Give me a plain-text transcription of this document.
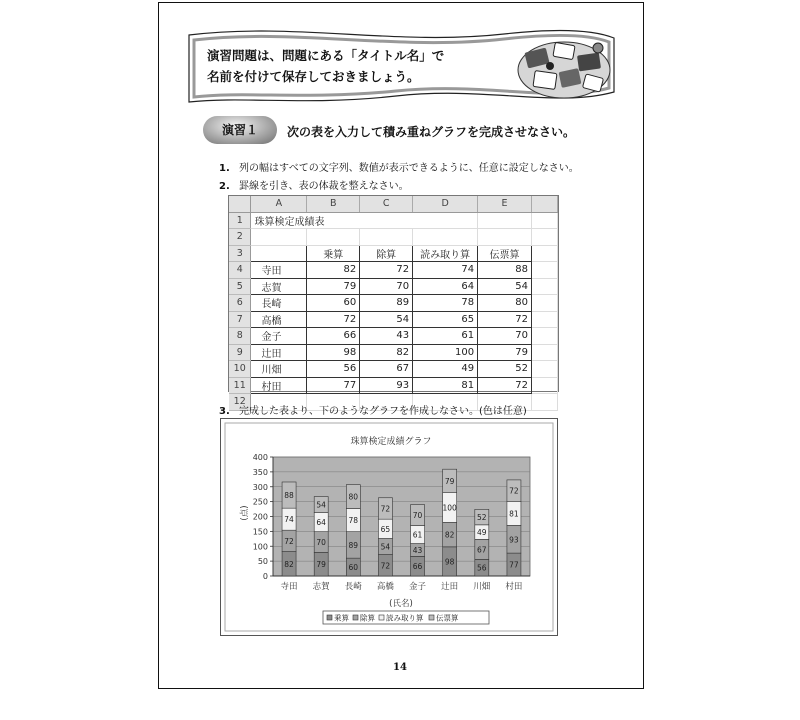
演習問題は、問題にある「タイトル名」で
名前を付けて保存しておきましょう。
演習１	次の表を入力して積み重ねグラフを完成させなさい。
1. 列の幅はすべての文字列、数値が表示できるように、任意に設定しなさい。
2. 罫線を引き、表の体裁を整えなさい。
	A	B	C	D	E	
1	珠算検定成績表					
2						
3		乗算	除算	読み取り算	伝票算	
4	寺田	82	72	74	88	
5	志賀	79	70	64	54	
6	長崎	60	89	78	80	
7	高橋	72	54	65	72	
8	金子	66	43	61	70	
9	辻田	98	82	100	79	
10	川畑	56	67	49	52	
11	村田	77	93	81	72	
12						
3. 完成した表より、下のようなグラフを作成しなさい。(色は任意)
珠算検定成績グラフ
(点)
(氏名)
0
50
100
150
200
250
300
350
400
82
72
74
88
寺田
79
70
64
54
志賀
60
89
78
80
長崎
72
54
65
72
高橋
66
43
61
70
金子
98
82
100
79
辻田
56
67
49
52
川畑
77
93
81
72
村田
乗算 除算 読み取り算 伝票算
14
